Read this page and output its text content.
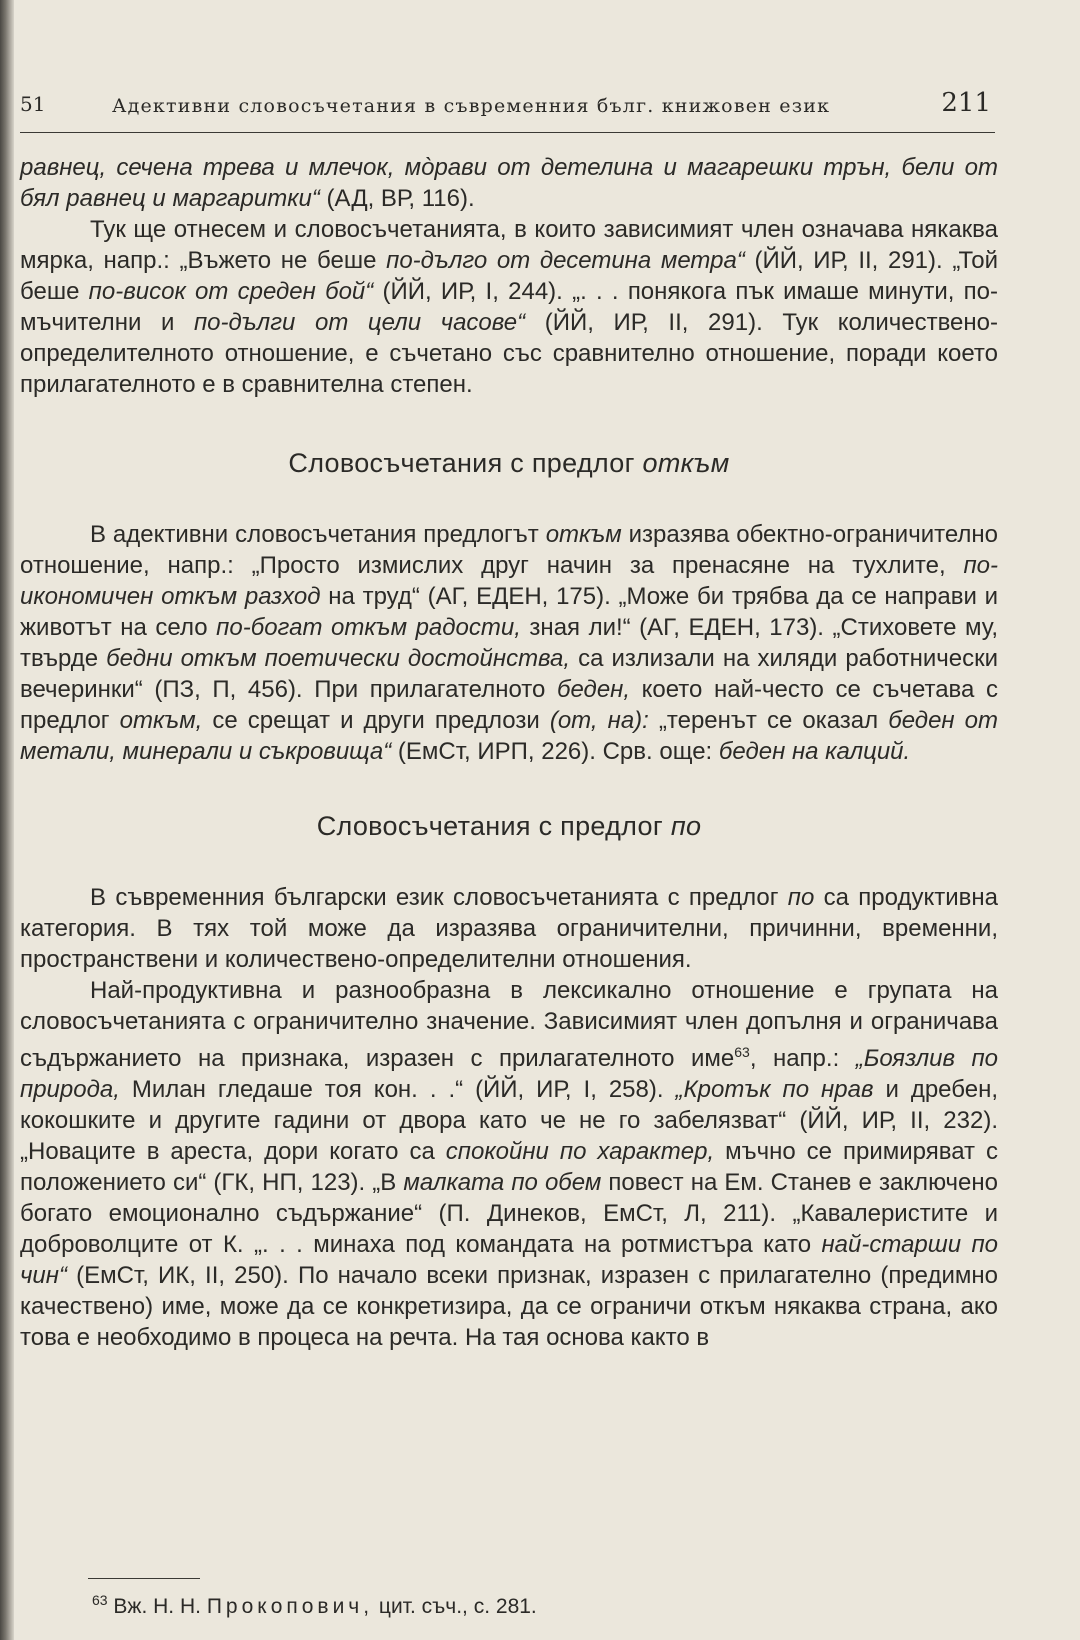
51	Адективни словосъчетания в съвременния бълг. книжовен език	211

равнец, сечена трева и млечок, мòрави от детелина и магарешки трън, бели от бял равнец и маргаритки“ (АД, ВР, 116).

Тук ще отнесем и словосъчетанията, в които зависимият член означава някаква мярка, напр.: „Въжето не беше по-дълго от десетина метра“ (ЙЙ, ИР, II, 291). „Той беше по-висок от среден бой“ (ЙЙ, ИР, I, 244). „. . . понякога пък имаше минути, по-мъчителни и по-дълги от цели часове“ (ЙЙ, ИР, II, 291). Тук количествено-определителното отношение, е съчетано със сравнително отношение, поради което прилагателното е в сравнителна степен.

Словосъчетания с предлог откъм

В адективни словосъчетания предлогът откъм изразява обектно-ограничително отношение, напр.: „Просто измислих друг начин за пренасяне на тухлите, по-икономичен откъм разход на труд“ (АГ, ЕДЕН, 175). „Може би трябва да се направи и животът на село по-богат откъм радости, зная ли!“ (АГ, ЕДЕН, 173). „Стиховете му, твърде бедни откъм поетически достойнства, са излизали на хиляди работнически вечеринки“ (ПЗ, П, 456). При прилагателното беден, което най-често се съчетава с предлог откъм, се срещат и други предлози (от, на): „теренът се оказал беден от метали, минерали и съкровища“ (ЕмСт, ИРП, 226). Срв. още: беден на калций.

Словосъчетания с предлог по

В съвременния български език словосъчетанията с предлог по са продуктивна категория. В тях той може да изразява ограничителни, причинни, временни, пространствени и количествено-определителни отношения.

Най-продуктивна и разнообразна в лексикално отношение е групата на словосъчетанията с ограничително значение. Зависимият член допълня и ограничава съдържанието на признака, изразен с прилагателното име$^{63}$, напр.: „Боязлив по природа, Милан гледаше тоя кон. . .“ (ЙЙ, ИР, I, 258). „Кротък по нрав и дребен, кокошките и другите гадини от двора като че не го забелязват“ (ЙЙ, ИР, II, 232). „Новаците в ареста, дори когато са спокойни по характер, мъчно се примиряват с положението си“ (ГК, НП, 123). „В малката по обем повест на Ем. Станев е заключено богато емоционално съдържание“ (П. Динеков, ЕмСт, Л, 211). „Кавалеристите и доброволците от К. „. . . минаха под командата на ротмистъра като най-старши по чин“ (ЕмСт, ИК, II, 250). По начало всеки признак, изразен с прилагателно (предимно качествено) име, може да се конкретизира, да се ограничи откъм някаква страна, ако това е необходимо в процеса на речта. На тая основа както в

$^{63}$ Вж. Н. Н. Прокопович, цит. съч., с. 281.
